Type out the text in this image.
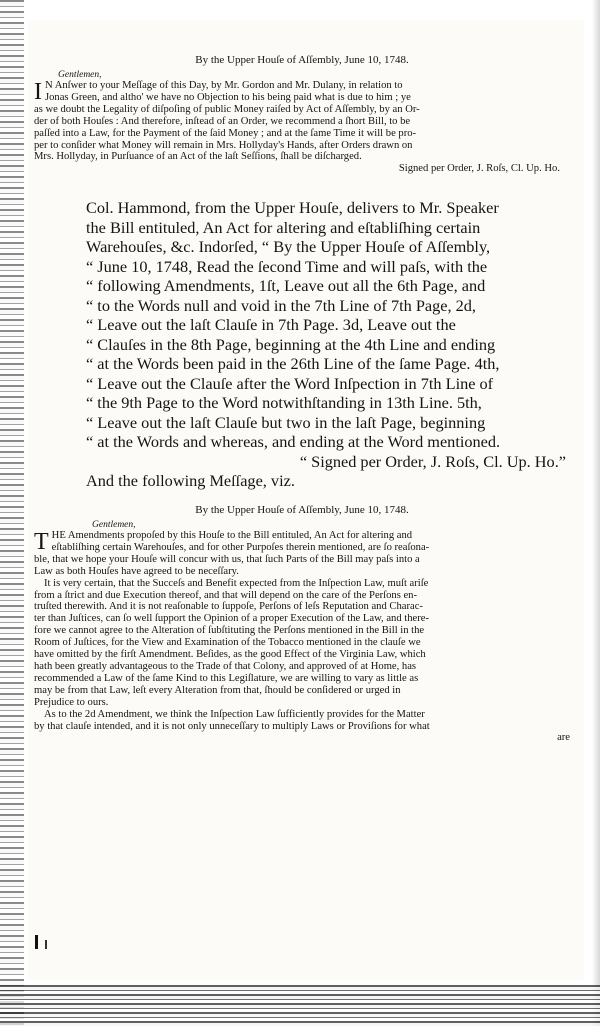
By the Upper Houſe of Aſſembly, June 10, 1748.
Gentlemen,
I N Anſwer to your Meſſage of this Day, by Mr. Gordon and Mr. Dulany, in relation to
Jonas Green, and altho' we have no Objection to his being paid what is due to him ; ye
as we doubt the Legality of diſpoſing of public Money raiſed by Act of Aſſembly, by an Or-
der of both Houſes : And therefore, inſtead of an Order, we recommend a ſhort Bill, to be
paſſed into a Law, for the Payment of the ſaid Money ; and at the ſame Time it will be pro-
per to conſider what Money will remain in Mrs. Hollyday's Hands, after Orders drawn on
Mrs. Hollyday, in Purſuance of an Act of the laſt Seſſions, ſhall be diſcharged.
Signed per Order, J. Roſs, Cl. Up. Ho.
Col. Hammond, from the Upper Houſe, delivers to Mr. Speaker
the Bill entituled, An Act for altering and eſtabliſhing certain
Warehouſes, &c. Indorſed, “ By the Upper Houſe of Aſſembly,
“ June 10, 1748, Read the ſecond Time and will paſs, with the
“ following Amendments, 1ſt, Leave out all the 6th Page, and
“ to the Words null and void in the 7th Line of 7th Page, 2d,
“ Leave out the laſt Clauſe in 7th Page. 3d, Leave out the
“ Clauſes in the 8th Page, beginning at the 4th Line and ending
“ at the Words been paid in the 26th Line of the ſame Page. 4th,
“ Leave out the Clauſe after the Word Inſpection in 7th Line of
“ the 9th Page to the Word notwithſtanding in 13th Line. 5th,
“ Leave out the laſt Clauſe but two in the laſt Page, beginning
“ at the Words and whereas, and ending at the Word mentioned.
“ Signed per Order, J. Roſs, Cl. Up. Ho.”
And the following Meſſage, viz.
By the Upper Houſe of Aſſembly, June 10, 1748.
Gentlemen,
T HE Amendments propoſed by this Houſe to the Bill entituled, An Act for altering and
eſtabliſhing certain Warehouſes, and for other Purpoſes therein mentioned, are ſo reaſona-
ble, that we hope your Houſe will concur with us, that ſuch Parts of the Bill may paſs into a
Law as both Houſes have agreed to be neceſſary.
It is very certain, that the Succeſs and Benefit expected from the Inſpection Law, muſt ariſe
from a ſtrict and due Execution thereof, and that will depend on the care of the Perſons en-
truſted therewith. And it is not reaſonable to ſuppoſe, Perſons of leſs Reputation and Charac-
ter than Juſtices, can ſo well ſupport the Opinion of a proper Execution of the Law, and there-
fore we cannot agree to the Alteration of ſubſtituting the Perſons mentioned in the Bill in the
Room of Juſtices, for the View and Examination of the Tobacco mentioned in the clauſe we
have omitted by the firſt Amendment. Beſides, as the good Effect of the Virginia Law, which
hath been greatly advantageous to the Trade of that Colony, and approved of at Home, has
recommended a Law of the ſame Kind to this Legiſlature, we are willing to vary as little as
may be from that Law, leſt every Alteration from that, ſhould be conſidered or urged in
Prejudice to ours.
As to the 2d Amendment, we think the Inſpection Law ſufficiently provides for the Matter
by that clauſe intended, and it is not only unneceſſary to multiply Laws or Proviſions for what
are
